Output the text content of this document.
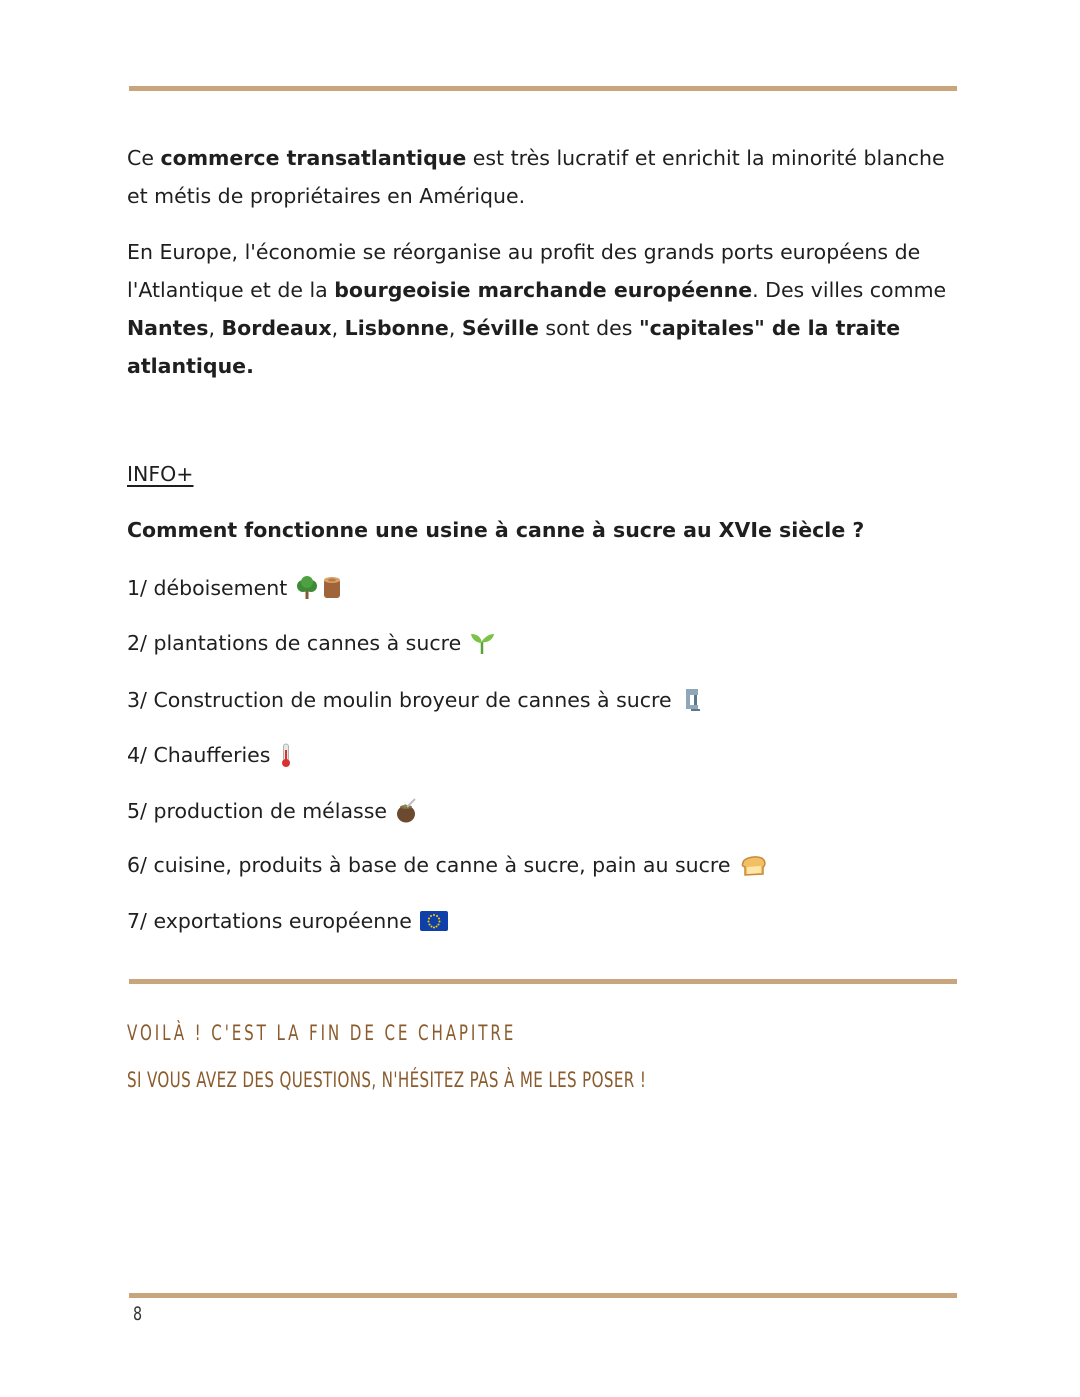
Ce commerce transatlantique est très lucratif et enrichit la minorité blanche et métis de propriétaires en Amérique.

En Europe, l'économie se réorganise au profit des grands ports européens de l'Atlantique et de la bourgeoisie marchande européenne. Des villes comme Nantes, Bordeaux, Lisbonne, Séville sont des "capitales" de la traite atlantique.

INFO+
Comment fonctionne une usine à canne à sucre au XVIe siècle ?
1/ déboisement
2/ plantations de cannes à sucre
3/ Construction de moulin broyeur de cannes à sucre
4/ Chaufferies
5/ production de mélasse
6/ cuisine, produits à base de canne à sucre, pain au sucre
7/ exportations européenne
VOILÀ ! C'EST LA FIN DE CE CHAPITRE
SI VOUS AVEZ DES QUESTIONS, N'HÉSITEZ PAS À ME LES POSER !
8
